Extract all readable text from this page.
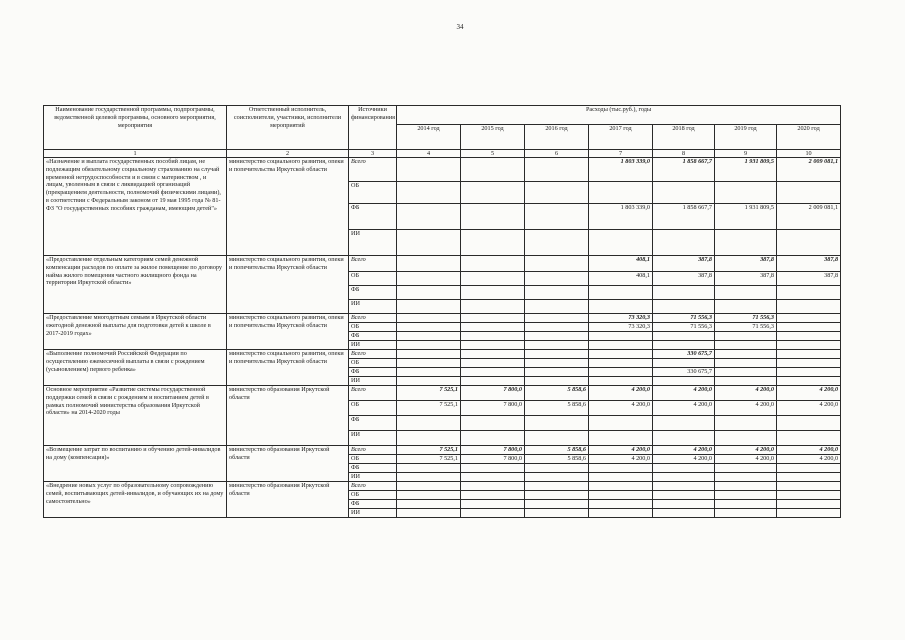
34
Наименование государственной программы, подпрограммы, ведомственной целевой программы, основного мероприятия, мероприятия	Ответственный исполнитель, соисполнители, участники, исполнители мероприятий	Источники финансирования	Расходы (тыс.руб.), годы						
			2014 год	2015 год	2016 год	2017 год	2018 год	2019 год	2020 год
1	2	3	4	5	6	7	8	9	10
«Назначение и выплата государственных пособий лицам, не подлежащим обязательному социальному страхованию на случай временной нетрудоспособности и в связи с материнством , и лицам, уволенным в связи с ликвидацией организаций (прекращением деятельности, полномочий физическими лицами), в соответствии с Федеральным законом от 19 мая 1995 года № 81-ФЗ "О государственных пособиях гражданам, имеющим детей"»	министерство социального развития, опеки и попечительства Иркутской области	Всего				1 803 339,0	1 858 667,7	1 931 809,5	2 009 081,1
		ОБ							
		ФБ				1 803 339,0	1 858 667,7	1 931 809,5	2 009 081,1
		ИИ							
«Предоставление отдельным категориям семей денежной компенсации расходов по оплате за жилое помещение по договору найма жилого помещения частного жилищного фонда на территории Иркутской области»	министерство социального развития, опеки и попечительства Иркутской области	Всего				408,1	387,8	387,8	387,8
		ОБ				408,1	387,8	387,8	387,8
		ФБ							
		ИИ							
«Предоставление многодетным семьям в Иркутской области ежегодной денежной выплаты для подготовки детей к школе в 2017-2019 годах»	министерство социального развития, опеки и попечительства Иркутской области	Всего				73 320,3	71 556,3	71 556,3	
		ОБ				73 320,3	71 556,3	71 556,3	
		ФБ							
		ИИ							
«Выполнение полномочий Российской Федерации по осуществлению ежемесячной выплаты в связи с рождением (усыновлением) первого ребенка»	министерство социального развития, опеки и попечительства Иркутской области	Всего					330 675,7		
		ОБ							
		ФБ					330 675,7		
		ИИ							
Основное мероприятие «Развитие системы государственной поддержки семей в связи с рождением и воспитанием детей в рамках полномочий министерства образования Иркутской области» на 2014-2020 годы	министерство образования Иркутской области	Всего	7 525,1	7 800,0	5 858,6	4 200,0	4 200,0	4 200,0	4 200,0
		ОБ	7 525,1	7 800,0	5 858,6	4 200,0	4 200,0	4 200,0	4 200,0
		ФБ							
		ИИ							
«Возмещение затрат по воспитанию и обучению детей-инвалидов на дому (компенсация)»	министерство образования Иркутской области	Всего	7 525,1	7 800,0	5 858,6	4 200,0	4 200,0	4 200,0	4 200,0
		ОБ	7 525,1	7 800,0	5 858,6	4 200,0	4 200,0	4 200,0	4 200,0
		ФБ							
		ИИ							
«Внедрение новых услуг по образовательному сопровождению семей, воспитывающих детей-инвалидов, и обучающих их на дому самостоятельно»	министерство образования Иркутской области	Всего							
		ОБ							
		ФБ							
		ИИ							
